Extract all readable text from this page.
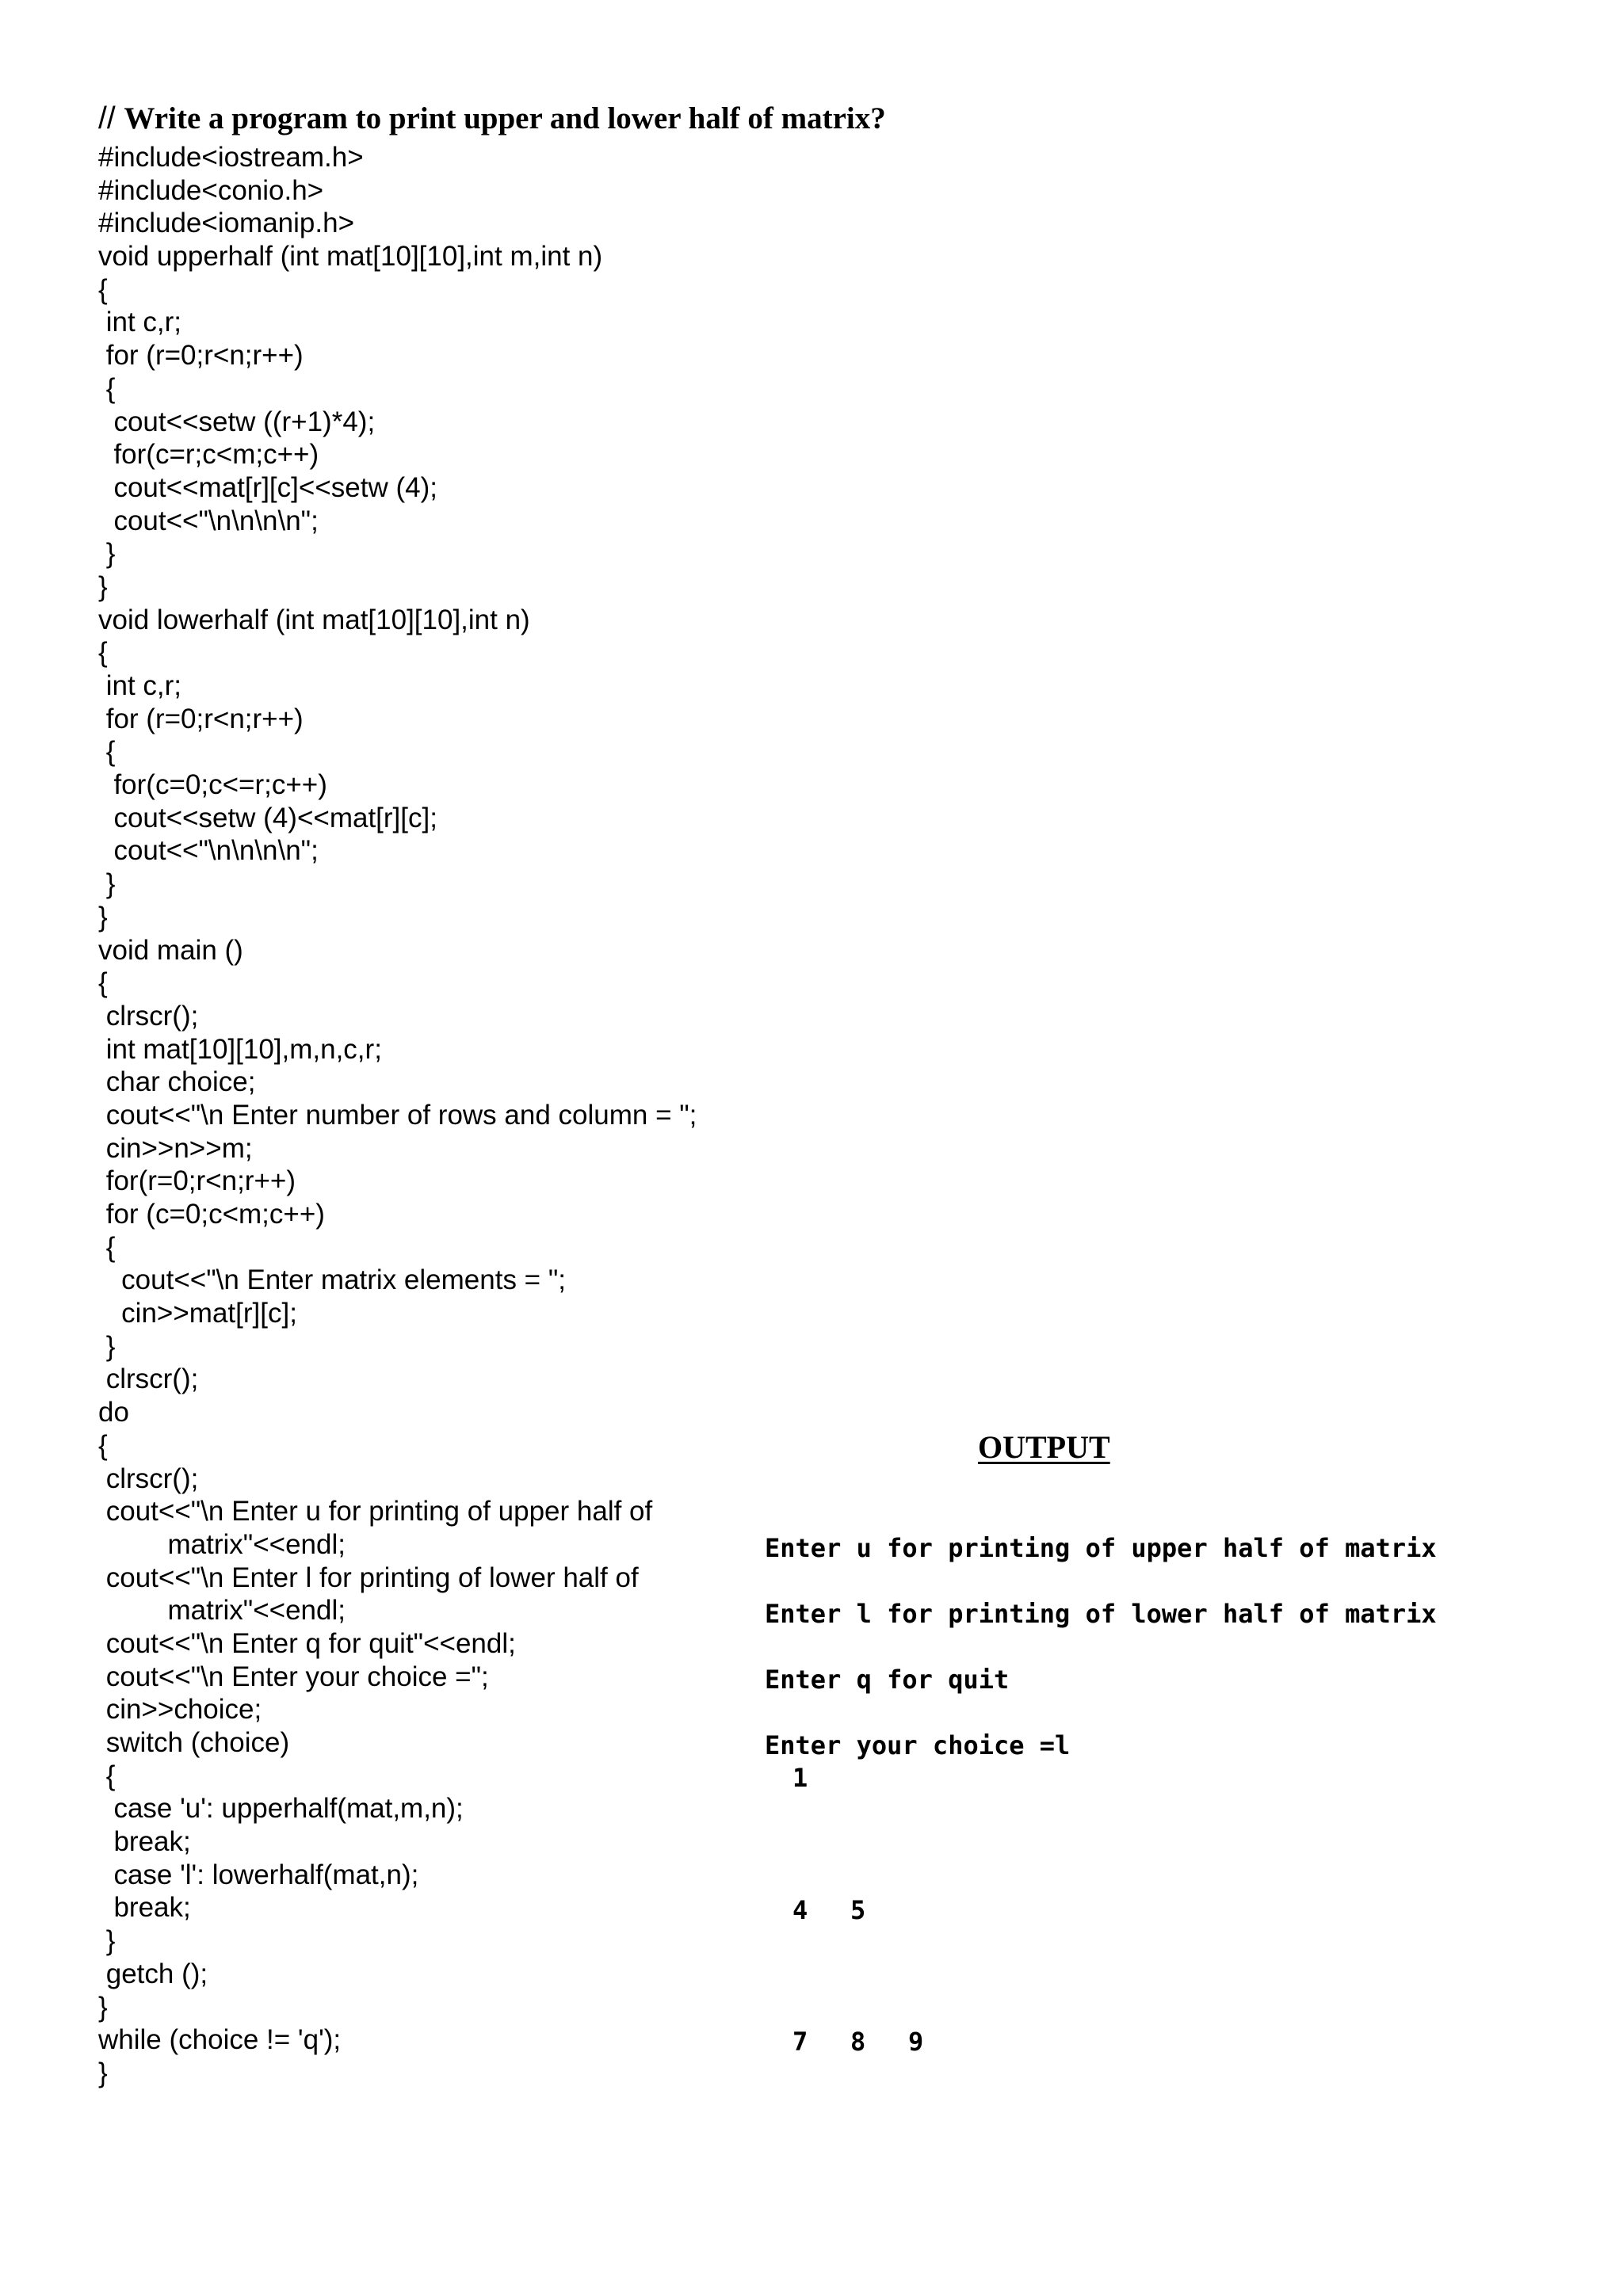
// Write a program to print upper and lower half of matrix?
#include<iostream.h>
#include<conio.h>
#include<iomanip.h>
void upperhalf (int mat[10][10],int m,int n)
{
int c,r;
for (r=0;r<n;r++)
{
cout<<setw ((r+1)*4);
for(c=r;c<m;c++)
cout<<mat[r][c]<<setw (4);
cout<<"\n\n\n\n";
}
}
void lowerhalf (int mat[10][10],int n)
{
int c,r;
for (r=0;r<n;r++)
{
for(c=0;c<=r;c++)
cout<<setw (4)<<mat[r][c];
cout<<"\n\n\n\n";
}
}
void main ()
{
clrscr();
int mat[10][10],m,n,c,r;
char choice;
cout<<"\n Enter number of rows and column = ";
cin>>n>>m;
for(r=0;r<n;r++)
for (c=0;c<m;c++)
{
cout<<"\n Enter matrix elements = ";
cin>>mat[r][c];
}
clrscr();
do
{
clrscr();
cout<<"\n Enter u for printing of upper half of
matrix"<<endl;
cout<<"\n Enter l for printing of lower half of
matrix"<<endl;
cout<<"\n Enter q for quit"<<endl;
cout<<"\n Enter your choice =";
cin>>choice;
switch (choice)
{
case 'u': upperhalf(mat,m,n);
break;
case 'l': lowerhalf(mat,n);
break;
}
getch ();
}
while (choice != 'q');
}
OUTPUT
Enter u for printing of upper half of matrix
Enter l for printing of lower half of matrix
Enter q for quit
Enter your choice =l
1
4	5
7	8	9
